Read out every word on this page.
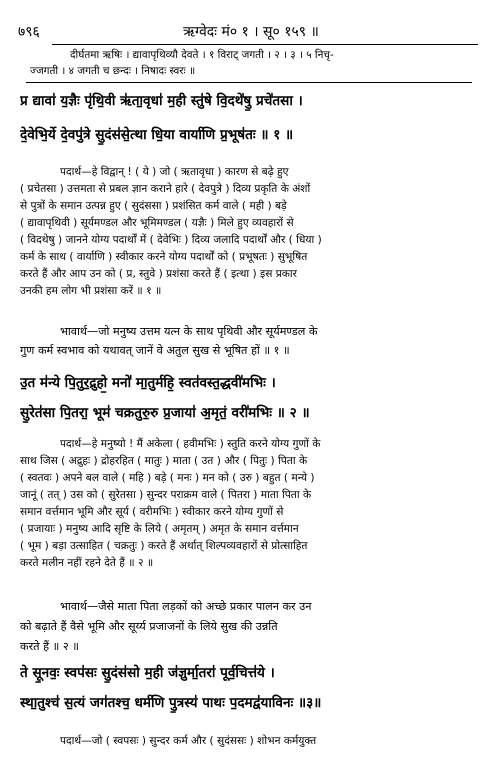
७९६	ऋग्वेदः मं० १ । सू० १५९ ॥
दीर्घतमा ऋषिः । द्यावापृथिव्यौ देवते । १ विराट् जगती । २ । ३ । ५ निचृ-
ज्जगती । ४ जगती च छन्दः । निषादः स्वरः ॥
प्र द्यावा॑ य॒ज्ञैः पृ॑थि॒वी ऋ॑ता॒वृधा॑ म॒ही स्तु॑षे वि॒दथे॑षु॒ प्रचे॑तसा ।
दे॒वेभि॒र्ये दे॒वपु॑त्रे सु॒दंस॑से॒त्था धि॒या वार्या॑णि प्र॒भूष॑तः ॥ १ ॥
पदार्थ—हे विद्वान् ! ( ये ) जो ( ऋतावृधा ) कारण से बढ़े हुए
( प्रचेतसा ) उत्तमता से प्रबल ज्ञान कराने हारे ( देवपुत्रे ) दिव्य प्रकृति के अंशों
से पुत्रों के समान उत्पन्न हुए ( सुदंससा ) प्रशंसित कर्म वाले ( मही ) बड़े
( द्यावापृथिवी ) सूर्यमण्डल और भूमिमण्डल ( यज्ञैः ) मिले हुए व्यवहारों से
( विदथेषु ) जानने योग्य पदार्थों में ( देवेभिः ) दिव्य जलादि पदार्थों और ( धिया )
कर्म के साथ ( वार्याणि ) स्वीकार करने योग्य पदार्थों को ( प्रभूषतः ) सुभूषित
करते हैं और आप उन को ( प्र, स्तुवे ) प्रशंसा करते हैं ( इत्था ) इस प्रकार
उनकी हम लोग भी प्रशंसा करें ॥ १ ॥
भावार्थ—जो मनुष्य उत्तम यत्न के साथ पृथिवी और सूर्यमण्डल के
गुण कर्म स्वभाव को यथावत् जानें वे अतुल सुख से भूषित हों ॥ १ ॥
उ॒त म॑न्ये पि॒तुर॒द्रुहो॒ मनो॑ मा॒तुर्महि॒ स्वत॑वस्त॒द्धवी॑मभिः ।
सु॒रेत॑सा पि॒तरा॒ भूम॑ चक्रतुरु॒रु प्र॒जाया॑ अ॒मृतं॒ वरी॑मभिः ॥ २ ॥
पदार्थ—हे मनुष्यो ! मैं अकेला ( हवीमभिः ) स्तुति करने योग्य गुणों के
साथ जिस ( अद्रुहः ) द्रोहरहित ( मातुः ) माता ( उत ) और ( पितुः ) पिता के
( स्वतवः ) अपने बल वाले ( महि ) बड़े ( मनः ) मन को ( उरु ) बहुत ( मन्ये )
जानूं ( तत् ) उस को ( सुरेतसा ) सुन्दर पराक्रम वाले ( पितरा ) माता पिता के
समान वर्त्तमान भूमि और सूर्य ( वरीमभिः ) स्वीकार करने योग्य गुणों से
( प्रजायाः ) मनुष्य आदि सृष्टि के लिये ( अमृतम् ) अमृत के समान वर्त्तमान
( भूम ) बड़ा उत्साहित ( चक्रतुः ) करते हैं अर्थात् शिल्पव्यवहारों से प्रोत्साहित
करते मलीन नहीं रहने देते हैं ॥ २ ॥
भावार्थ—जैसे माता पिता लड़कों को अच्छे प्रकार पालन कर उन
को बढ़ाते हैं वैसे भूमि और सूर्य्य प्रजाजनों के लिये सुख की उन्नति
करते हैं ॥ २ ॥
ते सू॒नवः॒ स्वप॑सः सु॒दंस॑सो म॒ही ज॑ज्ञुर्मा॒तरा॑ पूर्व॒चित्त॑ये ।
स्था॒तुश्च॑ स॒त्यं जग॑तश्च॒ धर्म॑णि पु॒त्रस्य॑ पाथः प॒दमद्व॑याविनः ॥३॥
पदार्थ—जो ( स्वपसः ) सुन्दर कर्म और ( सुदंससः ) शोभन कर्मयुक्त
